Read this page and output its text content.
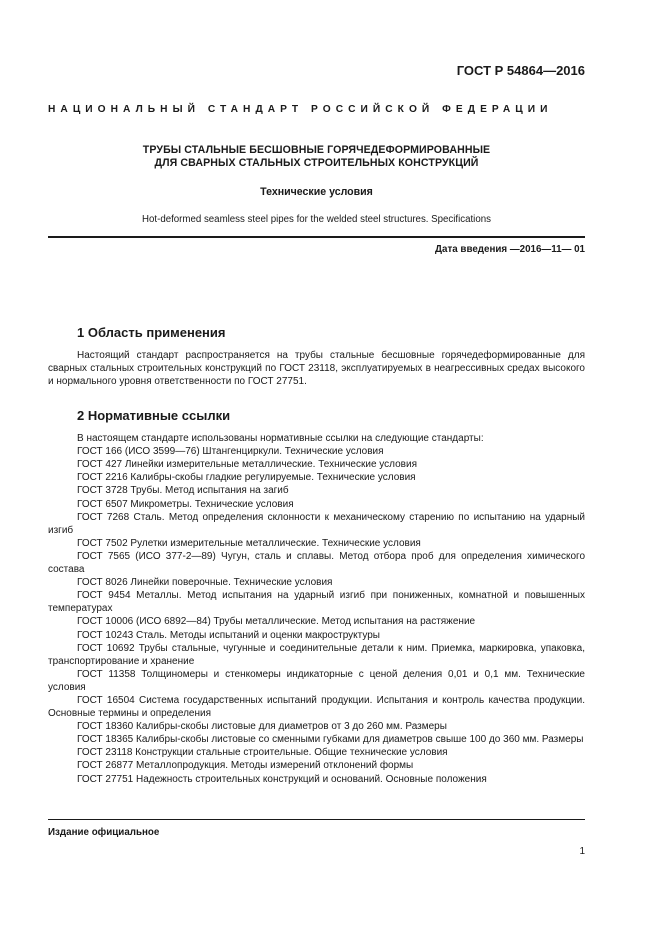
ГОСТ Р 54864—2016
НАЦИОНАЛЬНЫЙ СТАНДАРТ РОССИЙСКОЙ ФЕДЕРАЦИИ
ТРУБЫ СТАЛЬНЫЕ БЕСШОВНЫЕ ГОРЯЧЕДЕФОРМИРОВАННЫЕ
ДЛЯ СВАРНЫХ СТАЛЬНЫХ СТРОИТЕЛЬНЫХ КОНСТРУКЦИЙ
Технические условия
Hot-deformed seamless steel pipes for the welded steel structures. Specifications
Дата введения —2016—11— 01
1 Область применения

Настоящий стандарт распространяется на трубы стальные бесшовные горячедеформированные для сварных стальных строительных конструкций по ГОСТ 23118, эксплуатируемых в неагрессивных средах высокого и нормального уровня ответственности по ГОСТ 27751.

2 Нормативные ссылки

В настоящем стандарте использованы нормативные ссылки на следующие стандарты:

ГОСТ 166 (ИСО 3599—76) Штангенциркули. Технические условия
ГОСТ 427 Линейки измерительные металлические. Технические условия
ГОСТ 2216 Калибры-скобы гладкие регулируемые. Технические условия
ГОСТ 3728 Трубы. Метод испытания на загиб
ГОСТ 6507 Микрометры. Технические условия
ГОСТ 7268 Сталь. Метод определения склонности к механическому старению по испытанию на ударный изгиб
ГОСТ 7502 Рулетки измерительные металлические. Технические условия
ГОСТ 7565 (ИСО 377-2—89) Чугун, сталь и сплавы. Метод отбора проб для определения химического состава
ГОСТ 8026 Линейки поверочные. Технические условия
ГОСТ 9454 Металлы. Метод испытания на ударный изгиб при пониженных, комнатной и повышенных температурах
ГОСТ 10006 (ИСО 6892—84) Трубы металлические. Метод испытания на растяжение
ГОСТ 10243 Сталь. Методы испытаний и оценки макроструктуры
ГОСТ 10692 Трубы стальные, чугунные и соединительные детали к ним. Приемка, маркировка, упаковка, транспортирование и хранение
ГОСТ 11358 Толщиномеры и стенкомеры индикаторные с ценой деления 0,01 и 0,1 мм. Технические условия
ГОСТ 16504 Система государственных испытаний продукции. Испытания и контроль качества продукции. Основные термины и определения
ГОСТ 18360 Калибры-скобы листовые для диаметров от 3 до 260 мм. Размеры
ГОСТ 18365 Калибры-скобы листовые со сменными губками для диаметров свыше 100 до 360 мм. Размеры
ГОСТ 23118 Конструкции стальные строительные. Общие технические условия
ГОСТ 26877 Металлопродукция. Методы измерений отклонений формы
ГОСТ 27751 Надежность строительных конструкций и оснований. Основные положения
Издание официальное
1
